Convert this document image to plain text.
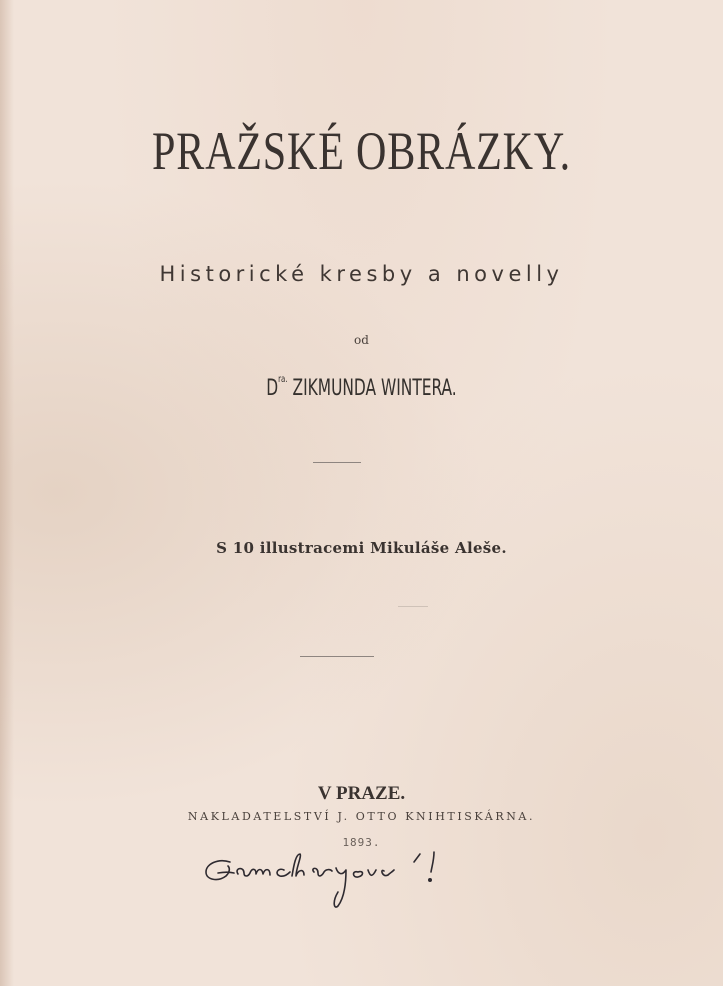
PRAŽSKÉ OBRÁZKY.
Historické kresby a novelly
od
$D^{ra.}$ ZIKMUNDA WINTERA.
S 10 illustracemi Mikuláše Aleše.
V PRAZE.
NAKLADATELSTVÍ J. OTTO KNIHTISKÁRNA.
1893.
